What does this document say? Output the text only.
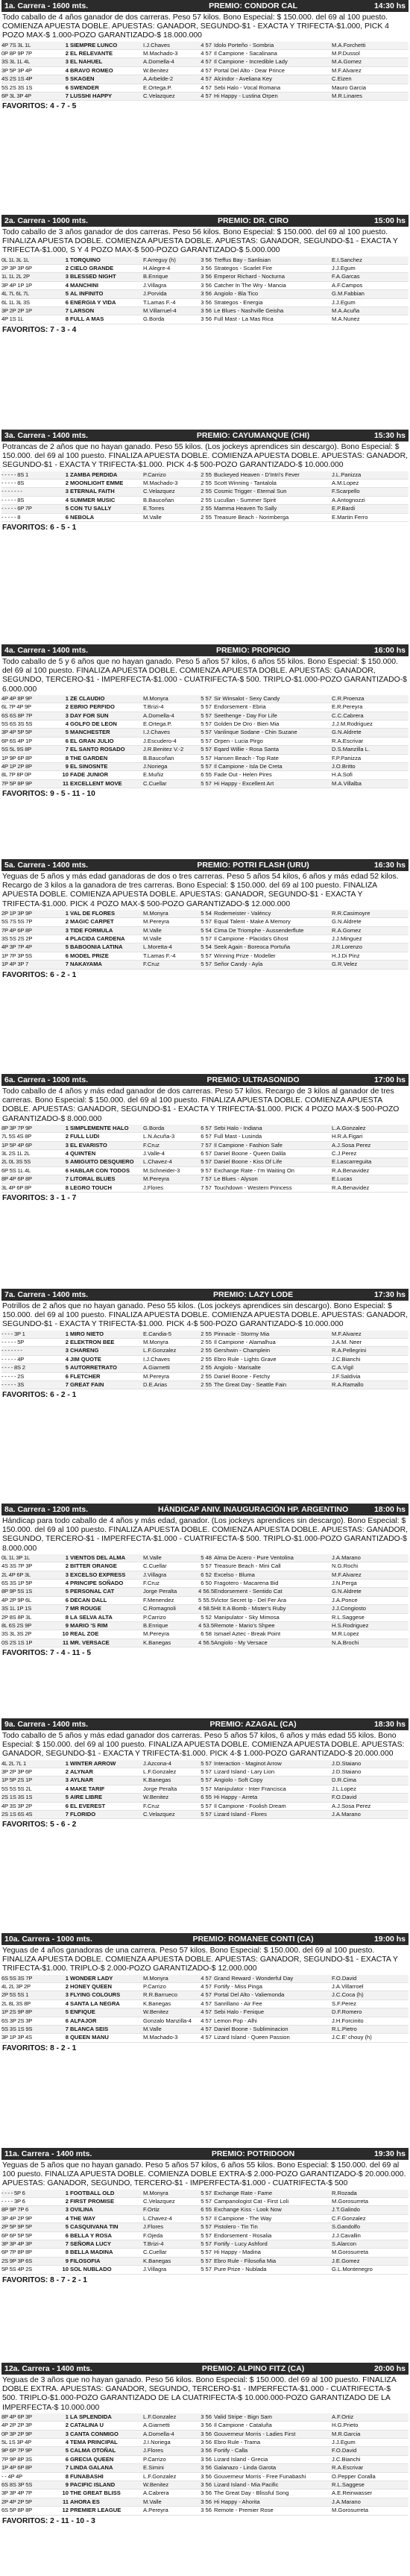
1a. Carrera - 1600 mts.	PREMIO: CONDOR CAL	14:30 hs

Todo caballo de 4 años ganador de dos carreras. Peso 57 kilos. Bono Especial: $ 150.000. del 69 al 100 puesto. COMIENZA APUESTA DOBLE. APUESTAS: GANADOR, SEGUNDO-$1 - EXACTA Y TRIFECTA-$1.000, PICK 4 POZO MAX-$ 1.000-POZO GARANTIZADO-$ 18.000.000

4P 7S 3L 1L	1 SIEMPRE LUNCO	I.J.Chaves	4 57 Idolo Porteño - Sombria	M.A.Forchetti
0P 8P 9P 7P	2 EL RELEVANTE	M.Machado-3	4 57 Il Campione - Sacalinana	M.P.Dussol
3S 3L 1L 4L	3 EL NAHUEL	A.Domella-4	4 57 Il Campione - Incredible Lady	M.A.Gomez
3P 5P 3P 4P	4 BRAVO ROMEO	W.Benitez	4 57 Portal Del Alto - Dear Prince	M.F.Alvarez
4S 2S 1S 4P	5 SKAGEN	A.Arbelde-2	4 57 Alcindor - Aveliana Key	C.Eizen
5S 2S 3S 1S	6 SWENDER	E.Ortega.P.	4 57 Sebi Halo - Vocal Romana	Mauro Garcia
6P 3L 3P 4P	7 LUSSHI HAPPY	C.Velazquez	4 57 Hi Happy - Lustina Orpen	M.R.Linares
FAVORITOS: 4 - 7 - 5
2a. Carrera - 1000 mts.	PREMIO: DR. CIRO	15:00 hs

Todo caballo de 3 años ganador de dos carreras. Peso 56 kilos. Bono Especial: $ 150.000. del 69 al 100 puesto. FINALIZA APUESTA DOBLE. COMIENZA APUESTA DOBLE. APUESTAS: GANADOR, SEGUNDO-$1 - EXACTA Y TRIFECTA-$1.000, S Y 4 POZO MAX-$ 500-POZO GARANTIZADO-$ 5.000.000

0L 1L 3L 1L	1 TORQUINO	F.Arreguy (h)	3 56 Treffus Bay - Sanlisian	E.I.Sanchez
2P 3P 3P 6P	2 CIELO GRANDE	H.Alegre-4	3 56 Strategos - Scarlet Fire	J.J.Egum
1L 1L 2L 2P	3 BLESSED NIGHT	B.Enrique	3 56 Emperor Richard - Nocturna	F.A.Garcas
3P 4P 1P 1P	4 MANCHINI	J.Villagra	3 56 Catcher In The Wry - Mancia	A.F.Campos
4L 7L 6L 7L	5 AL INFINITO	J.Porvida	3 56 Angiolo - Bla Tico	G.M.Fabbian
6L 1L 3L 3S	6 ENERGIA Y VIDA	T.Lamas F.-4	3 56 Strategos - Energia	J.J.Egum
3P 2P 2P 1P	7 LARSON	M.Villarruel-4	3 56 Le Blues - Nashville Geisha	M.A.Acuña
4P 1S 1L	8 FULL A MAS	G.Borda	3 56 Full Mast - La Mas Rica	M.A.Nunez
FAVORITOS: 7 - 3 - 4
3a. Carrera - 1400 mts.	PREMIO: CAYUMANQUE (CHI)	15:30 hs

Potrancas de 2 años que no hayan ganado. Peso 55 kilos. (Los jockeys aprendices sin descargo). Bono Especial: $ 150.000. del 69 al 100 puesto. FINALIZA APUESTA DOBLE. COMIENZA APUESTA DOBLE. APUESTAS: GANADOR, SEGUNDO-$1 - EXACTA Y TRIFECTA-$1.000. PICK 4-$ 500-POZO GARANTIZADO-$ 10.000.000

- - - - - 8S 1	1 ZAMBA PERDIDA	P.Carrizo	2 55 Buckeyed Heaven - D'Intri's Fever	J.L.Panizza
- - - - - 8S	2 MOONLIGHT EMME	M.Machado-3	2 55 Scott Winning - Tantalola	A.M.Lopez
- - - - - - -	3 ETERNAL FAITH	C.Velazquez	2 55 Cosmic Trigger - Eternal Sun	F.Scarpello
- - - - - 8S	4 SUMMER MUSIC	B.Baucoñan	2 55 Lucullan - Summer Spirit	A.Antognozzi
- - - - - 6P 7P	5 CON TU SALLY	E.Torres	2 55 Mamma Heaven To Sally	E.P.Bardi
- - - - - 8	6 NEBOLA	M.Valle	2 55 Treasure Beach - Norimberga	E.Martin Ferro
FAVORITOS: 6 - 5 - 1
4a. Carrera - 1400 mts.	PREMIO: PROPICIO	16:00 hs

Todo caballo de 5 y 6 años que no hayan ganado. Peso 5 años 57 kilos, 6 años 55 kilos. Bono Especial: $ 150.000. del 69 al 100 puesto. FINALIZA APUESTA DOBLE. COMIENZA APUESTA DOBLE. APUESTAS: GANADOR, SEGUNDO, TERCERO-$1 - IMPERFECTA-$1.000 - CUATRIFECTA-$ 500. TRIPLO-$1.000-POZO GARANTIZADO-$ 6.000.000

4P 4P 8P 9P	1 ZE CLAUDIO	M.Monyra	5 57 Sir Winsalot - Sexy Candy	C.R.Proenza
6L 7P 4P 9P	2 EBRIO PERFIDO	T.Brizi-4	5 57 Endorsement - Ebria	E.R.Pereyra
6S 6S 8P 7P	3 DAY FOR SUN	A.Domella-4	5 57 Seethenge - Day For Life	C.C.Cabrera
5S 6S 3S 5S	4 GOLFO DE LEON	E.Ortega.P.	5 57 Golden De Oro - Bien Mia	J.J.M.Rodriguez
3P 4P 5P 5P	5 MANCHESTER	I.J.Chaves	5 57 Vanlinque Sodane - Chin Suzane	G.N.Aldrete
6P 6S 4P 1P	6 EL GRAN JULIO	J.Escudero-4	5 57 Orpen - Lucia Pirgo	R.A.Escrivar
5S 5L 9S 8P	7 EL SANTO ROSADO	J.R.Benitez V.-2	5 57 Eqard Willie - Rosa Santa	D.S.Manzilla L.
1P 9P 6P 8P	8 THE GARDEN	B.Baucoñan	5 57 Hansen Beach - Top Rate	F.P.Panizza
4P 1P 2P 8P	9 EL SINOSNTE	J.Noriega	5 57 Il Campione - Isla De Creta	J.O.Britto
8L 7P 8P 0P	10 FADE JUNIOR	E.Muñiz	6 55 Fade Out - Helen Pires	H.A.Sofi
7P 5P 8P 9P	11 EXCELLENT MOVE	C.Cuellar	5 57 Hi Happy - Excellent Art	M.A.Villalba
FAVORITOS: 9 - 5 - 11 - 10
5a. Carrera - 1400 mts.	PREMIO: POTRI FLASH (URU)	16:30 hs

Yeguas de 5 años y más edad ganadoras de dos o tres carreras. Peso 5 años 54 kilos, 6 años y más edad 52 kilos. Recargo de 3 kilos a la ganadora de tres carreras. Bono Especial: $ 150.000. del 69 al 100 puesto. FINALIZA APUESTA DOBLE. COMIENZA APUESTA DOBLE. APUESTAS: GANADOR, SEGUNDO-$1 - EXACTA Y TRIFECTA-$1.000. PICK 4 POZO MAX-$ 500-POZO GARANTIZADO-$ 12.000.000

2P 1P 3P 9P	1 VAL DE FLORES	M.Monyra	5 54 Rodemeister - Valéncy	R.R.Casimoyre
5S 7S 5S 7P	2 MAGIC CARPET	M.Pereyra	5 57 Equal Talent - Make A Memory	G.N.Aldrete
7P 4P 6P 8P	3 TIDE FORMULA	M.Valle	5 54 Cima De Triomphe - Aussenderflute	R.A.Gomez
3S 5S 2S 2P	4 PLACIDA CARDENA	M.Valle	5 57 Il Campione - Placida's Ghost	J.J.Minguez
4P 3P 7P 4P	5 BABOONIA LATINA	L.Moretta-4	5 54 Seek Again - Boreoca Portuña	J.R.Lorenzo
1P 7P 3P 5S	6 MODEL PRIZE	T.Lamas F.-4	5 57 Winning Prize - Modeller	H.J.Di Pinz
1P 4P 3P 7	7 NAKAYAMA	F.Cruz	5 57 Señor Candy - Ayla	G.R.Velez
FAVORITOS: 6 - 2 - 1
6a. Carrera - 1000 mts.	PREMIO: ULTRASONIDO	17:00 hs

Todo caballo de 4 años y más edad ganador de dos carreras. Peso 57 kilos. Recargo de 3 kilos al ganador de tres carreras. Bono Especial: $ 150.000. del 69 al 100 puesto. FINALIZA APUESTA DOBLE. COMIENZA APUESTA DOBLE. APUESTAS: GANADOR, SEGUNDO-$1 - EXACTA Y TRIFECTA-$1.000. PICK 4 POZO MAX-$ 500-POZO GARANTIZADO-$ 8.000.000

8P 3P 7P 9P	1 SIMPLEMENTE HALO	G.Borda	6 57 Sebi Halo - Indiana	L.A.Gonzalez
7L 5S 4S 8P	2 FULL LUDI	L.N.Acuña-3	6 57 Full Mast - Lusinda	H.R.A.Figari
1P 5P 4P 6P	3 EL EVARISTO	F.Cruz	7 57 Il Campione - Fashion Safe	A.J.Sosa Perez
3L 2S 1L 2L	4 QUINTEN	J.Valle-4	6 57 Daniel Boone - Queen Dalila	C.J.Perez
2L 0L 3S 5S	5 AMIGUITO DESQUIERO	L.Chavez-4	5 57 Daniel Boone - Kiss Of Life	E.Lascarreguita
6P 5S 1L 4L	6 HABLAR CON TODOS	M.Schneider-3	9 57 Exchange Rate - I'm Waiting On	R.A.Benavidez
8P 4P 6P 8P	7 LITORAL BLUES	M.Pereyra	7 57 Le Blues - Alyson	E.Lucas
3L 4P 6P 8P	8 LEGRO TOUCH	J.Flores	7 57 Touchdown - Western Princess	R.A.Benavidez
FAVORITOS: 3 - 1 - 7
7a. Carrera - 1400 mts.	PREMIO: LAZY LODE	17:30 hs

Potrillos de 2 años que no hayan ganado. Peso 55 kilos. (Los jockeys aprendices sin descargo). Bono Especial: $ 150.000. del 69 al 100 puesto. FINALIZA APUESTA DOBLE. COMIENZA APUESTA DOBLE. APUESTAS: GANADOR, SEGUNDO-$1 - EXACTA Y TRIFECTA-$1.000. PICK 4-$ 500-POZO GARANTIZADO-$ 10.000.000

- - - - 3P 1	1 MIRO NIETO	E.Candia-5	2 55 Pinnacle - Stormy Mia	M.F.Alvarez
- - - - - 5P	2 ELEKTRON BEE	M.Monyra	2 55 Il Campione - Alamalhua	J.A.M. Neer
- - - - - - -	3 CHARENG	L.F.Gonzalez	2 55 Gershwin - Champlein	R.A.Pellegrini
- - - - - 4P	4 JIM QUOTE	I.J.Chaves	2 55 Ebro Rule - Lights Grave	J.C.Bianchi
- - - - 8S 2	5 AUTORRETRATO	A.Giarnetti	2 55 Angiolo - Marisalte	C.A.Vigil
- - - - - 2S	6 FLETCHER	M.Pereyra	2 55 Daniel Boone - Fetchy	J.F.Saldivia
- - - - - 3S	7 GREAT FAIN	D.E.Arias	2 55 The Great Day - Seattle Fain	R.A.Ramallo
FAVORITOS: 6 - 2 - 1
8a. Carrera - 1200 mts.	HÁNDICAP ANIV. INAUGURACIÓN HP. ARGENTINO	18:00 hs

Hándicap para todo caballo de 4 años y más edad, ganador. (Los jockeys aprendices sin descargo). Bono Especial: $ 150.000. del 69 al 100 puesto. FINALIZA APUESTA DOBLE. COMIENZA APUESTA DOBLE. APUESTAS: GANADOR, SEGUNDO, TERCERO-$1 - IMPERFECTA-$1.000 - CUATRIFECTA-$ 500. TRIPLO-$1.000-POZO GARANTIZADO-$ 8.000.000

0L 1L 3P 1L	1 VIENTOS DEL ALMA	M.Valle	5 48 Alma De Acero - Pure Ventolina	J.A.Marano
4S 3S 7P 3P	2 BITTER ORANGE	C.Cuellar	5 57 Treasure Beach - Mini Call	N.G.Rochi
2L 4P 6P 3L	3 EXCELSO EXPRESS	J.Villagra	6 52 Excelso - Bluma	M.F.Alvarez
6S 3S 1P 5P	4 PRINCIPE SOÑADO	F.Cruz	6 50 Fragotero - Macarena Bid	J.N.Perga
8P 9P 5S 1S	5 PERSONAL CAT	Jorge Peralta	4 56.5 Endorsement - Sentido Cat	G.N.Aldrete
4P 2P 9P 6L	6 DECAN DALL	F.Menendez	5 55.5 Victor Secret Ip - Del Fer Ara	J.A.Ponce
3S 1L 1P 1S	7 MR ROUGE	C.Romagnoli	4 58.5 Hit It A Bomb - Mister's Ruby	J.J.Congiosto
2P 8S 8P 3L	8 LA SELVA ALTA	P.Carrizo	5 52 Manipulator - Sky Mimosa	R.L.Saggese
8L 6S 2S 9P	9 MARIO 'S RIM	B.Enrique	4 53.5 Remote - Mario's Shpee	H.S.Rodriguez
3S 3L 3S 2P	10 REAL ZOE	M.Pereyra	6 58 Ismael Aztec - Break Point	M.R.Lopez
0S 2S 1S 1P	11 MR. VERSACE	K.Banegas	4 56.5 Angiolo - My Versace	N.A.Brochi
FAVORITOS: 7 - 4 - 11 - 5
9a. Carrera - 1400 mts.	PREMIO: AZAGAL (CA)	18:30 hs

Todo caballo de 5 años y más edad ganador dos carreras. Peso 5 años 57 kilos, 6 años y más edad 55 kilos. Bono Especial: $ 150.000. del 69 al 100 puesto. FINALIZA APUESTA DOBLE. COMIENZA APUESTA DOBLE. APUESTAS: GANADOR, SEGUNDO-$1 - EXACTA Y TRIFECTA-$1.000. PICK 4-$ 1.000-POZO GARANTIZADO-$ 20.000.000

4L 2L 7L 1	1 WINTER ARROW	J.Azcona-4	5 57 Interaction - Maginot Arrow	J.D.Staiano
3P 2P 3P 6P	2 ALYNAR	L.F.Gonzalez	5 57 Lizard Island - Lary Lion	J.D.Staiano
1P 5P 2S 1P	3 AYLNAR	K.Banegas	5 57 Angiolo - Soft Copy	D.R.Cima
5S 5S 5S 2L	4 MAKE TARIF	Jorge Peralta	5 57 Manipulator - Inter Francisca	J.L.Lopez
2S 1S 3S 1S	5 AIRE LIBRE	W.Benitez	6 55 Hi Happy - Arreta	F.O.David
4P 3S 3P 2P	6 EL EVEREST	F.Cruz	5 57 Il Campione - Foolish Dream	A.J.Sosa Perez
2S 1S 6S 4S	7 FLORIDO	C.Velazquez	5 57 Lizard Island - Flores	J.A.Marano
FAVORITOS: 5 - 6 - 2
10a. Carrera - 1000 mts.	PREMIO: ROMANEE CONTI (CA)	19:00 hs

Yeguas de 4 años ganadoras de una carrera. Peso 57 kilos. Bono Especial: $ 150.000. del 69 al 100 puesto. FINALIZA APUESTA DOBLE. COMIENZA APUESTA DOBLE. APUESTAS: GANADOR, SEGUNDO-$1 - EXACTA Y TRIFECTA-$1.000. TRIPLO-$ 2.000-POZO GARANTIZADO-$ 12.000.000

6S 5S 3S 7P	1 WONDER LADY	M.Monyra	4 57 Grand Reward - Wonderful Day	F.O.David
4L 2L 3P 2P	2 HONEY QUEEN	P.Carrizo	4 57 Fortify - Miss Pinga	J.A.Villarroel
2P 5S 5S 1	3 FLYING COLOURS	R.R.Barrueco	4 57 Portal Del Alto - Valiemonda	J.C.Coca (h)
2L 8L 3S 8P	4 SANTA LA NEGRA	K.Banegas	4 57 Sanrillano - Air Fee	S.F.Perez
1P 2S 9P 8P	5 ENFIQUE	W.Benitez	4 57 Sebi Halo - Fenique	D.F.Romero
6S 3P 2S 3P	6 ALFAJOR	Gonzalo Manzilla-4	4 57 Lemon Pop - Alhi	J.H.Forcinito
5S 3S 1S 9S	7 BLANCA SEIS	M.Valle	4 57 Daniel Boone - Subliminacion	R.L.Pietro
3P 1P 3P 4S	8 QUEEN MANU	M.Machado-3	4 57 Lizard Island - Queen Passion	J.C.E' chouy (h)
FAVORITOS: 8 - 2 - 1
11a. Carrera - 1400 mts.	PREMIO: POTRIDOON	19:30 hs

Yeguas de 5 años que no hayan ganado. Peso 5 años 57 kilos, 6 años 55 kilos. Bono Especial: $ 150.000. del 69 al 100 puesto. FINALIZA APUESTA DOBLE. COMIENZA DOBLE EXTRA-$ 2.000-POZO GARANTIZADO-$ 20.000.000. APUESTAS: GANADOR, SEGUNDO, TERCERO-$1 - IMPERFECTA-$1.000 - CUATRIFECTA-$ 500

- - - - 5P 6	1 FOOTBALL OLD	M.Monyra	5 57 Exchange Rate - Fame	R.Rozada
- - - - 3P 6	2 FIRST PROMISE	C.Velazquez	5 57 Campanologist Cat - First Loli	M.Gorosurreta
8P 9P 7P 6	3 OVILINA	F.Ortiz	6 55 Exchange Kiss - Look Now	J.T.Galindo
3P 4P 2P 9P	4 THE WAY	L.Chavez-4	5 57 Il Campione - The Way	C.F.Gonzalez
2P 5P 9P 5P	5 CASQUIVANA TIN	J.Flores	5 57 Pistolero - Tin Tin	S.Gandolfo
6P 6P 5P 5P	6 BELLA Y ROSA	F.Ojeda	5 57 Endorsement - Rosalia	J.J.Cavallin
3P 3P 4P 3P	7 SEÑORA LUCY	T.Brizi-4	5 57 Fortify - Lucy Ashford	S.Alarcon
6P 7P 8P 8P	8 BELLA MADINA	C.Cuellar	5 57 Hi Happy - Madina	M.Gorosurreta
2S 9P 3P 6S	9 FILOSOFIA	K.Banegas	5 57 Ebro Rule - Filosofia Mia	J.E.Gomez
5P 5S 4P 2S	10 SOL NUBLADO	J.Villagra	5 57 Pure Prize - Nublada	G.L.Montenegro
FAVORITOS: 8 - 7 - 2 - 1
12a. Carrera - 1400 mts.	PREMIO: ALPINO FITZ (CA)	20:00 hs

Yeguas de 3 años que no hayan ganado. Peso 56 kilos. Bono Especial: $ 150.000. del 69 al 100 puesto. FINALIZA DOBLE EXTRA. APUESTAS: GANADOR, SEGUNDO, TERCERO-$1 - IMPERFECTA-$1.000 - CUATRIFECTA-$ 500. TRIPLO-$1.000-POZO GARANTIZADO DE LA CUATRIFECTA-$ 10.000.000-POZO GARANTIZADO DE LA IMPERFECTA-$ 10.000.000

8P 4P 6P 3P	1 LA SPLENDIDA	L.F.Gonzalez	3 56 Valid Stripe - Bign Sam	A.F.Ortiz
4P 2P 2P 3P	2 CATALINA U	A.Giarnetti	3 56 Il Campione - Cataluña	H.G.Prieto
0P 3P 2P 9P	3 CANTA CONMIGO	A.Domella-4	3 56 Gouverneur Morris - Ladies First	M.R.Garcia
5L 1S 3P 4P	4 TEMA PRINCIPAL	J.I.Noriega	3 56 Ebro Rule - Trama	J.J.Egum
9P 6P 7P 9P	5 CALMA OTOÑAL	J.Flores	3 56 Fortify - Calla	F.O.David
7P 9P 8P 3S	6 GRECIA QUEEN	P.Carrizo	3 56 Lizard Island - Grecia	J.C.Bianchi
1P 4P 6P 8P	7 LINDA GALANA	E.Simini	3 56 Galanazo - Linda Garota	R.A.Escrivar
- - 4P 4P	8 FUNABASHI	L.F.Gonzalez	3 56 Gouverneur Morris - Free Funabashi	O.Pepper Coralla
6S 8S 3P 5S	9 PACIFIC ISLAND	W.Benitez	3 56 Lizard Island - Mia Pacific	R.L.Saggese
3P 3P 4P 7P	10 THE GREAT BLISS	A.Cabrera	3 56 The Great Day - Blissful Song	A.E.Reinwasser
2P 4P 2P 5P	11 AHORA ES	M.Valle	3 56 Hi Happy - Ahorita	J.A.Marano
6S 5P 8P 8P	12 PREMIER LEAGUE	A.Pereyra	3 56 Remote - Premier Rose	M.Gorosurreta
FAVORITOS: 2 - 11 - 10 - 3
